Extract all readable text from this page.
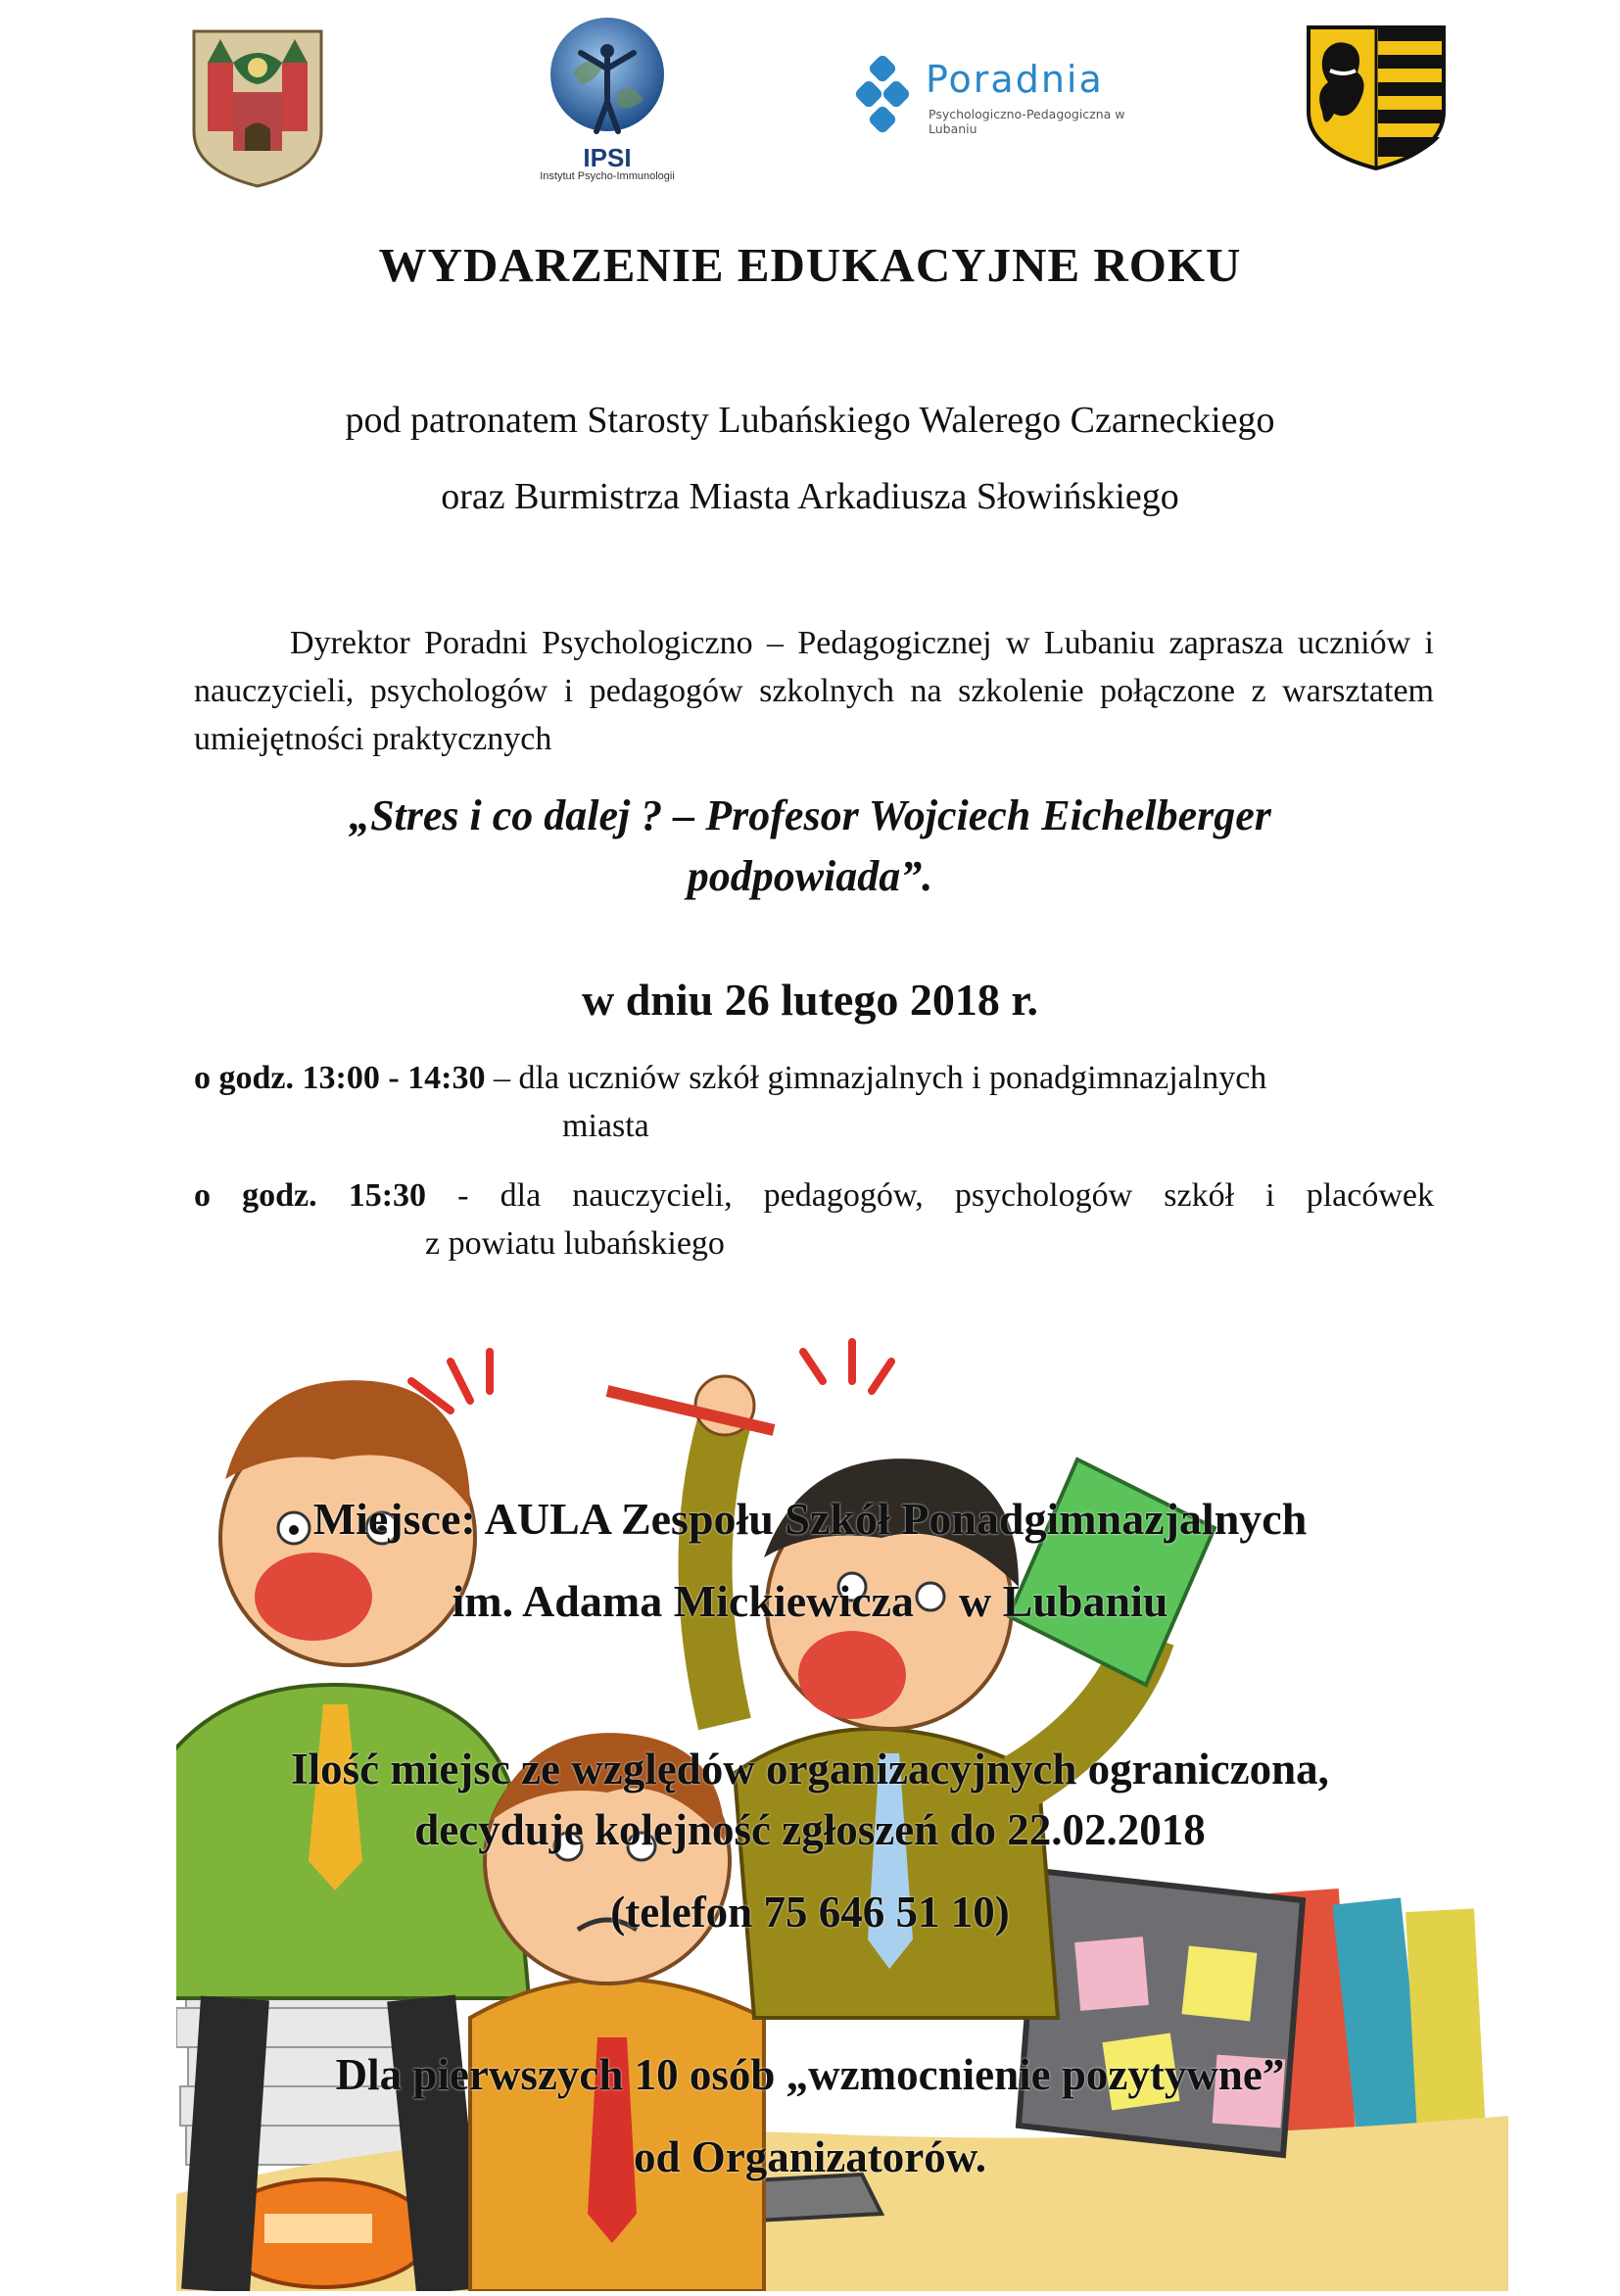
IPSI
Instytut Psycho-Immunologii
Poradnia
Psychologiczno-Pedagogiczna w Lubaniu
WYDARZENIE EDUKACYJNE ROKU
pod patronatem Starosty Lubańskiego Walerego Czarneckiego
oraz Burmistrza Miasta Arkadiusza Słowińskiego
Dyrektor Poradni Psychologiczno – Pedagogicznej w Lubaniu zaprasza uczniów i nauczycieli, psychologów i pedagogów szkolnych na szkolenie połączone z warsztatem umiejętności praktycznych
„Stres i co dalej ? – Profesor Wojciech Eichelberger
podpowiada”.
w dniu 26 lutego 2018 r.
o godz. 13:00 - 14:30 – dla uczniów szkół gimnazjalnych i ponadgimnazjalnych
miasta
o godz. 15:30 - dla nauczycieli, pedagogów, psychologów szkół i placówek
z powiatu lubańskiego
Miejsce: AULA Zespołu Szkół Ponadgimnazjalnych
im. Adama Mickiewicza    w Lubaniu
Ilość miejsc ze względów organizacyjnych ograniczona,
decyduje kolejność zgłoszeń do 22.02.2018
(telefon 75 646 51 10)
Dla pierwszych 10 osób „wzmocnienie pozytywne”
od Organizatorów.
